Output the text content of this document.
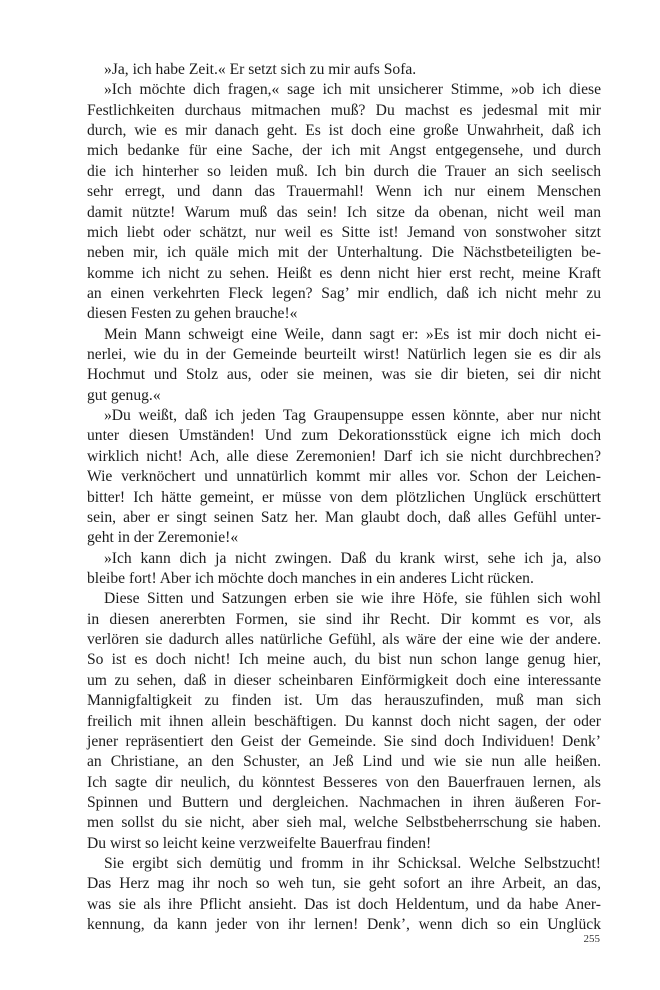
»Ja, ich habe Zeit.« Er setzt sich zu mir aufs Sofa.
»Ich möchte dich fragen,« sage ich mit unsicherer Stimme, »ob ich diese
Festlichkeiten durchaus mitmachen muß? Du machst es jedesmal mit mir
durch, wie es mir danach geht. Es ist doch eine große Unwahrheit, daß ich
mich bedanke für eine Sache, der ich mit Angst entgegensehe, und durch
die ich hinterher so leiden muß. Ich bin durch die Trauer an sich seelisch
sehr erregt, und dann das Trauermahl! Wenn ich nur einem Menschen
damit nützte! Warum muß das sein! Ich sitze da obenan, nicht weil man
mich liebt oder schätzt, nur weil es Sitte ist! Jemand von sonstwoher sitzt
neben mir, ich quäle mich mit der Unterhaltung. Die Nächstbeteiligten be-
komme ich nicht zu sehen. Heißt es denn nicht hier erst recht, meine Kraft
an einen verkehrten Fleck legen? Sag’ mir endlich, daß ich nicht mehr zu
diesen Festen zu gehen brauche!«
Mein Mann schweigt eine Weile, dann sagt er: »Es ist mir doch nicht ei-
nerlei, wie du in der Gemeinde beurteilt wirst! Natürlich legen sie es dir als
Hochmut und Stolz aus, oder sie meinen, was sie dir bieten, sei dir nicht
gut genug.«
»Du weißt, daß ich jeden Tag Graupensuppe essen könnte, aber nur nicht
unter diesen Umständen! Und zum Dekorationsstück eigne ich mich doch
wirklich nicht! Ach, alle diese Zeremonien! Darf ich sie nicht durchbrechen?
Wie verknöchert und unnatürlich kommt mir alles vor. Schon der Leichen-
bitter! Ich hätte gemeint, er müsse von dem plötzlichen Unglück erschüttert
sein, aber er singt seinen Satz her. Man glaubt doch, daß alles Gefühl unter-
geht in der Zeremonie!«
»Ich kann dich ja nicht zwingen. Daß du krank wirst, sehe ich ja, also
bleibe fort! Aber ich möchte doch manches in ein anderes Licht rücken.
Diese Sitten und Satzungen erben sie wie ihre Höfe, sie fühlen sich wohl
in diesen anererbten Formen, sie sind ihr Recht. Dir kommt es vor, als
verlören sie dadurch alles natürliche Gefühl, als wäre der eine wie der andere.
So ist es doch nicht! Ich meine auch, du bist nun schon lange genug hier,
um zu sehen, daß in dieser scheinbaren Einförmigkeit doch eine interessante
Mannigfaltigkeit zu finden ist. Um das herauszufinden, muß man sich
freilich mit ihnen allein beschäftigen. Du kannst doch nicht sagen, der oder
jener repräsentiert den Geist der Gemeinde. Sie sind doch Individuen! Denk’
an Christiane, an den Schuster, an Jeß Lind und wie sie nun alle heißen.
Ich sagte dir neulich, du könntest Besseres von den Bauerfrauen lernen, als
Spinnen und Buttern und dergleichen. Nachmachen in ihren äußeren For-
men sollst du sie nicht, aber sieh mal, welche Selbstbeherrschung sie haben.
Du wirst so leicht keine verzweifelte Bauerfrau finden!
Sie ergibt sich demütig und fromm in ihr Schicksal. Welche Selbstzucht!
Das Herz mag ihr noch so weh tun, sie geht sofort an ihre Arbeit, an das,
was sie als ihre Pflicht ansieht. Das ist doch Heldentum, und da habe Aner-
kennung, da kann jeder von ihr lernen! Denk’, wenn dich so ein Unglück
255
